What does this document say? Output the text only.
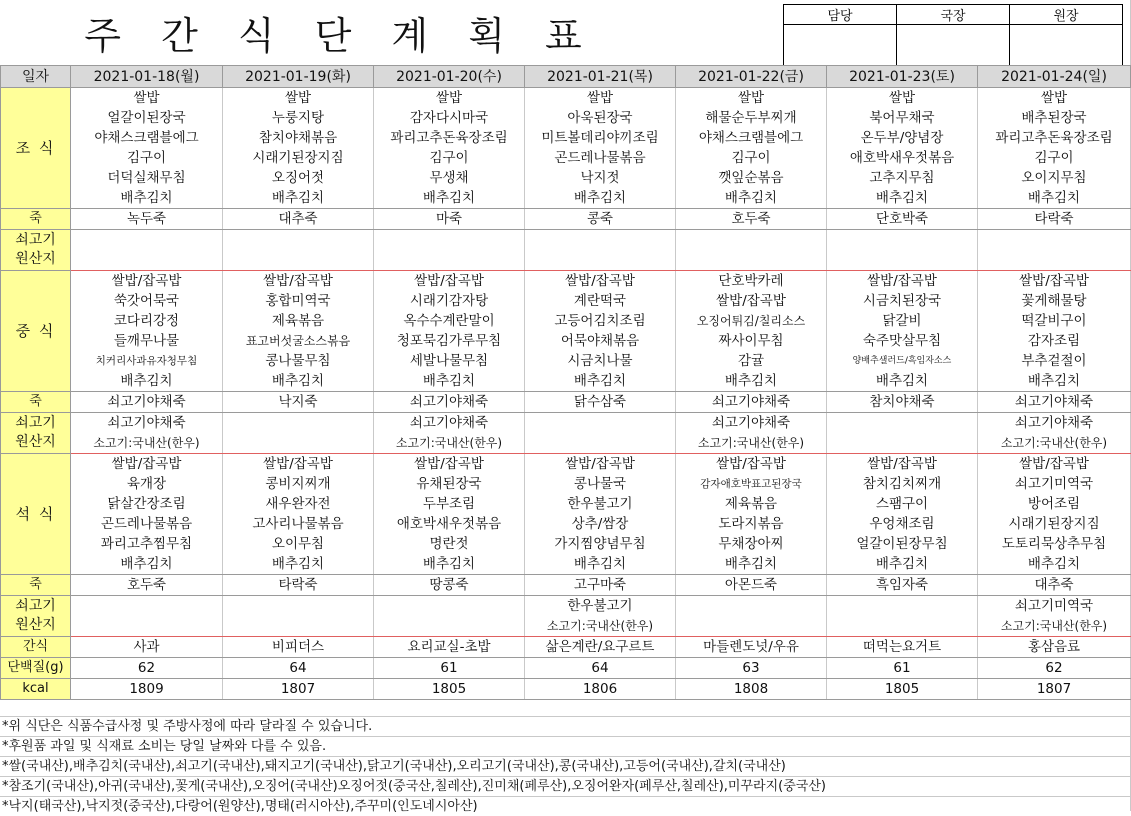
주 간 식 단 계 획 표	담당	국장	원장

일자	2021-01-18(월)	2021-01-19(화)	2021-01-20(수)	2021-01-21(목)	2021-01-22(금)	2021-01-23(토)	2021-01-24(일)
조 식	쌀밥	쌀밥	쌀밥	쌀밥	쌀밥	쌀밥	쌀밥
	얼갈이된장국	누룽지탕	감자다시마국	아욱된장국	해물순두부찌개	북어무채국	배추된장국
	야채스크램블에그	참치야채볶음	꽈리고추돈육장조림	미트볼데리야끼조림	야채스크램블에그	온두부/양념장	꽈리고추돈육장조림
	김구이	시래기된장지짐	김구이	곤드레나물볶음	김구이	애호박새우젓볶음	김구이
	더덕실채무침	오징어젓	무생채	낙지젓	깻잎순볶음	고추지무침	오이지무침
	배추김치	배추김치	배추김치	배추김치	배추김치	배추김치	배추김치
죽	녹두죽	대추죽	마죽	콩죽	호두죽	단호박죽	타락죽

쇠고기
원산지							

중 식	쌀밥/잡곡밥	쌀밥/잡곡밥	쌀밥/잡곡밥	쌀밥/잡곡밥	단호박카레	쌀밥/잡곡밥	쌀밥/잡곡밥
	쑥갓어묵국	홍합미역국	시래기감자탕	계란떡국	쌀밥/잡곡밥	시금치된장국	꽃게해물탕
	코다리강정	제육볶음	옥수수계란말이	고등어김치조림	오징어튀김/칠리소스	닭갈비	떡갈비구이
	들깨무나물	표고버섯굴소스볶음	청포묵김가루무침	어묵야채볶음	짜사이무침	숙주맛살무침	감자조림
	치커리사과유자청무침	콩나물무침	세발나물무침	시금치나물	감귤	양배추샐러드/흑임자소스	부추겉절이
	배추김치	배추김치	배추김치	배추김치	배추김치	배추김치	배추김치
죽	쇠고기야채죽	낙지죽	쇠고기야채죽	닭수삼죽	쇠고기야채죽	참치야채죽	쇠고기야채죽

쇠고기
원산지	쇠고기야채죽		쇠고기야채죽		쇠고기야채죽		쇠고기야채죽
	소고기:국내산(한우)		소고기:국내산(한우)		소고기:국내산(한우)		소고기:국내산(한우)
석 식	쌀밥/잡곡밥	쌀밥/잡곡밥	쌀밥/잡곡밥	쌀밥/잡곡밥	쌀밥/잡곡밥	쌀밥/잡곡밥	쌀밥/잡곡밥
	육개장	콩비지찌개	유채된장국	콩나물국	감자애호박표고된장국	참치김치찌개	쇠고기미역국
	닭살간장조림	새우완자전	두부조림	한우불고기	제육볶음	스팸구이	방어조림
	곤드레나물볶음	고사리나물볶음	애호박새우젓볶음	상추/쌈장	도라지볶음	우엉채조림	시래기된장지짐
	꽈리고추찜무침	오이무침	명란젓	가지찜양념무침	무채장아찌	얼갈이된장무침	도토리묵상추무침
	배추김치	배추김치	배추김치	배추김치	배추김치	배추김치	배추김치
죽	호두죽	타락죽	땅콩죽	고구마죽	아몬드죽	흑임자죽	대추죽

쇠고기
원산지				한우불고기			쇠고기미역국
				소고기:국내산(한우)			소고기:국내산(한우)
간식	사과	비피더스	요리교실-초밥	삶은계란/요구르트	마들렌도넛/우유	떠먹는요거트	홍삼음료
단백질(g)	62	64	61	64	63	61	62
kcal	1809	1807	1805	1806	1808	1805	1807
*위 식단은 식품수급사정 및 주방사정에 따라 달라질 수 있습니다.
*후원품 과일 및 식재료 소비는 당일 날짜와 다를 수 있음.
*쌀(국내산),배추김치(국내산),쇠고기(국내산),돼지고기(국내산),닭고기(국내산),오리고기(국내산),콩(국내산),고등어(국내산),갈치(국내산)
*참조기(국내산),아귀(국내산),꽃게(국내산),오징어(국내산)오징어젓(중국산,칠레산),진미채(페루산),오징어완자(페루산,칠레산),미꾸라지(중국산)
*낙지(태국산),낙지젓(중국산),다랑어(원양산),명태(러시아산),주꾸미(인도네시아산)
